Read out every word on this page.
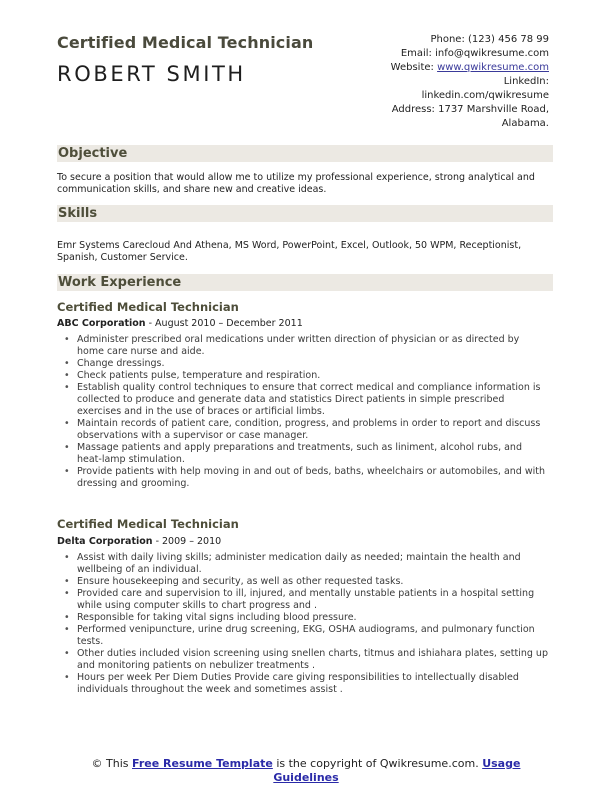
Certified Medical Technician
ROBERT SMITH
Phone: (123) 456 78 99
Email: info@qwikresume.com
Website: www.qwikresume.com
LinkedIn:
linkedin.com/qwikresume
Address: 1737 Marshville Road,
Alabama.
Objective
To secure a position that would allow me to utilize my professional experience, strong analytical and communication skills, and share new and creative ideas.
Skills
Emr Systems Carecloud And Athena, MS Word, PowerPoint, Excel, Outlook, 50 WPM, Receptionist, Spanish, Customer Service.
Work Experience
Certified Medical Technician
ABC Corporation - August 2010 – December 2011
• Administer prescribed oral medications under written direction of physician or as directed by home care nurse and aide.
• Change dressings.
• Check patients pulse, temperature and respiration.
• Establish quality control techniques to ensure that correct medical and compliance information is collected to produce and generate data and statistics Direct patients in simple prescribed exercises and in the use of braces or artificial limbs.
• Maintain records of patient care, condition, progress, and problems in order to report and discuss observations with a supervisor or case manager.
• Massage patients and apply preparations and treatments, such as liniment, alcohol rubs, and heat-lamp stimulation.
• Provide patients with help moving in and out of beds, baths, wheelchairs or automobiles, and with dressing and grooming.
Certified Medical Technician
Delta Corporation - 2009 – 2010
• Assist with daily living skills; administer medication daily as needed; maintain the health and wellbeing of an individual.
• Ensure housekeeping and security, as well as other requested tasks.
• Provided care and supervision to ill, injured, and mentally unstable patients in a hospital setting while using computer skills to chart progress and .
• Responsible for taking vital signs including blood pressure.
• Performed venipuncture, urine drug screening, EKG, OSHA audiograms, and pulmonary function tests.
• Other duties included vision screening using snellen charts, titmus and ishiahara plates, setting up and monitoring patients on nebulizer treatments .
• Hours per week Per Diem Duties Provide care giving responsibilities to intellectually disabled individuals throughout the week and sometimes assist .
© This Free Resume Template is the copyright of Qwikresume.com. Usage Guidelines
